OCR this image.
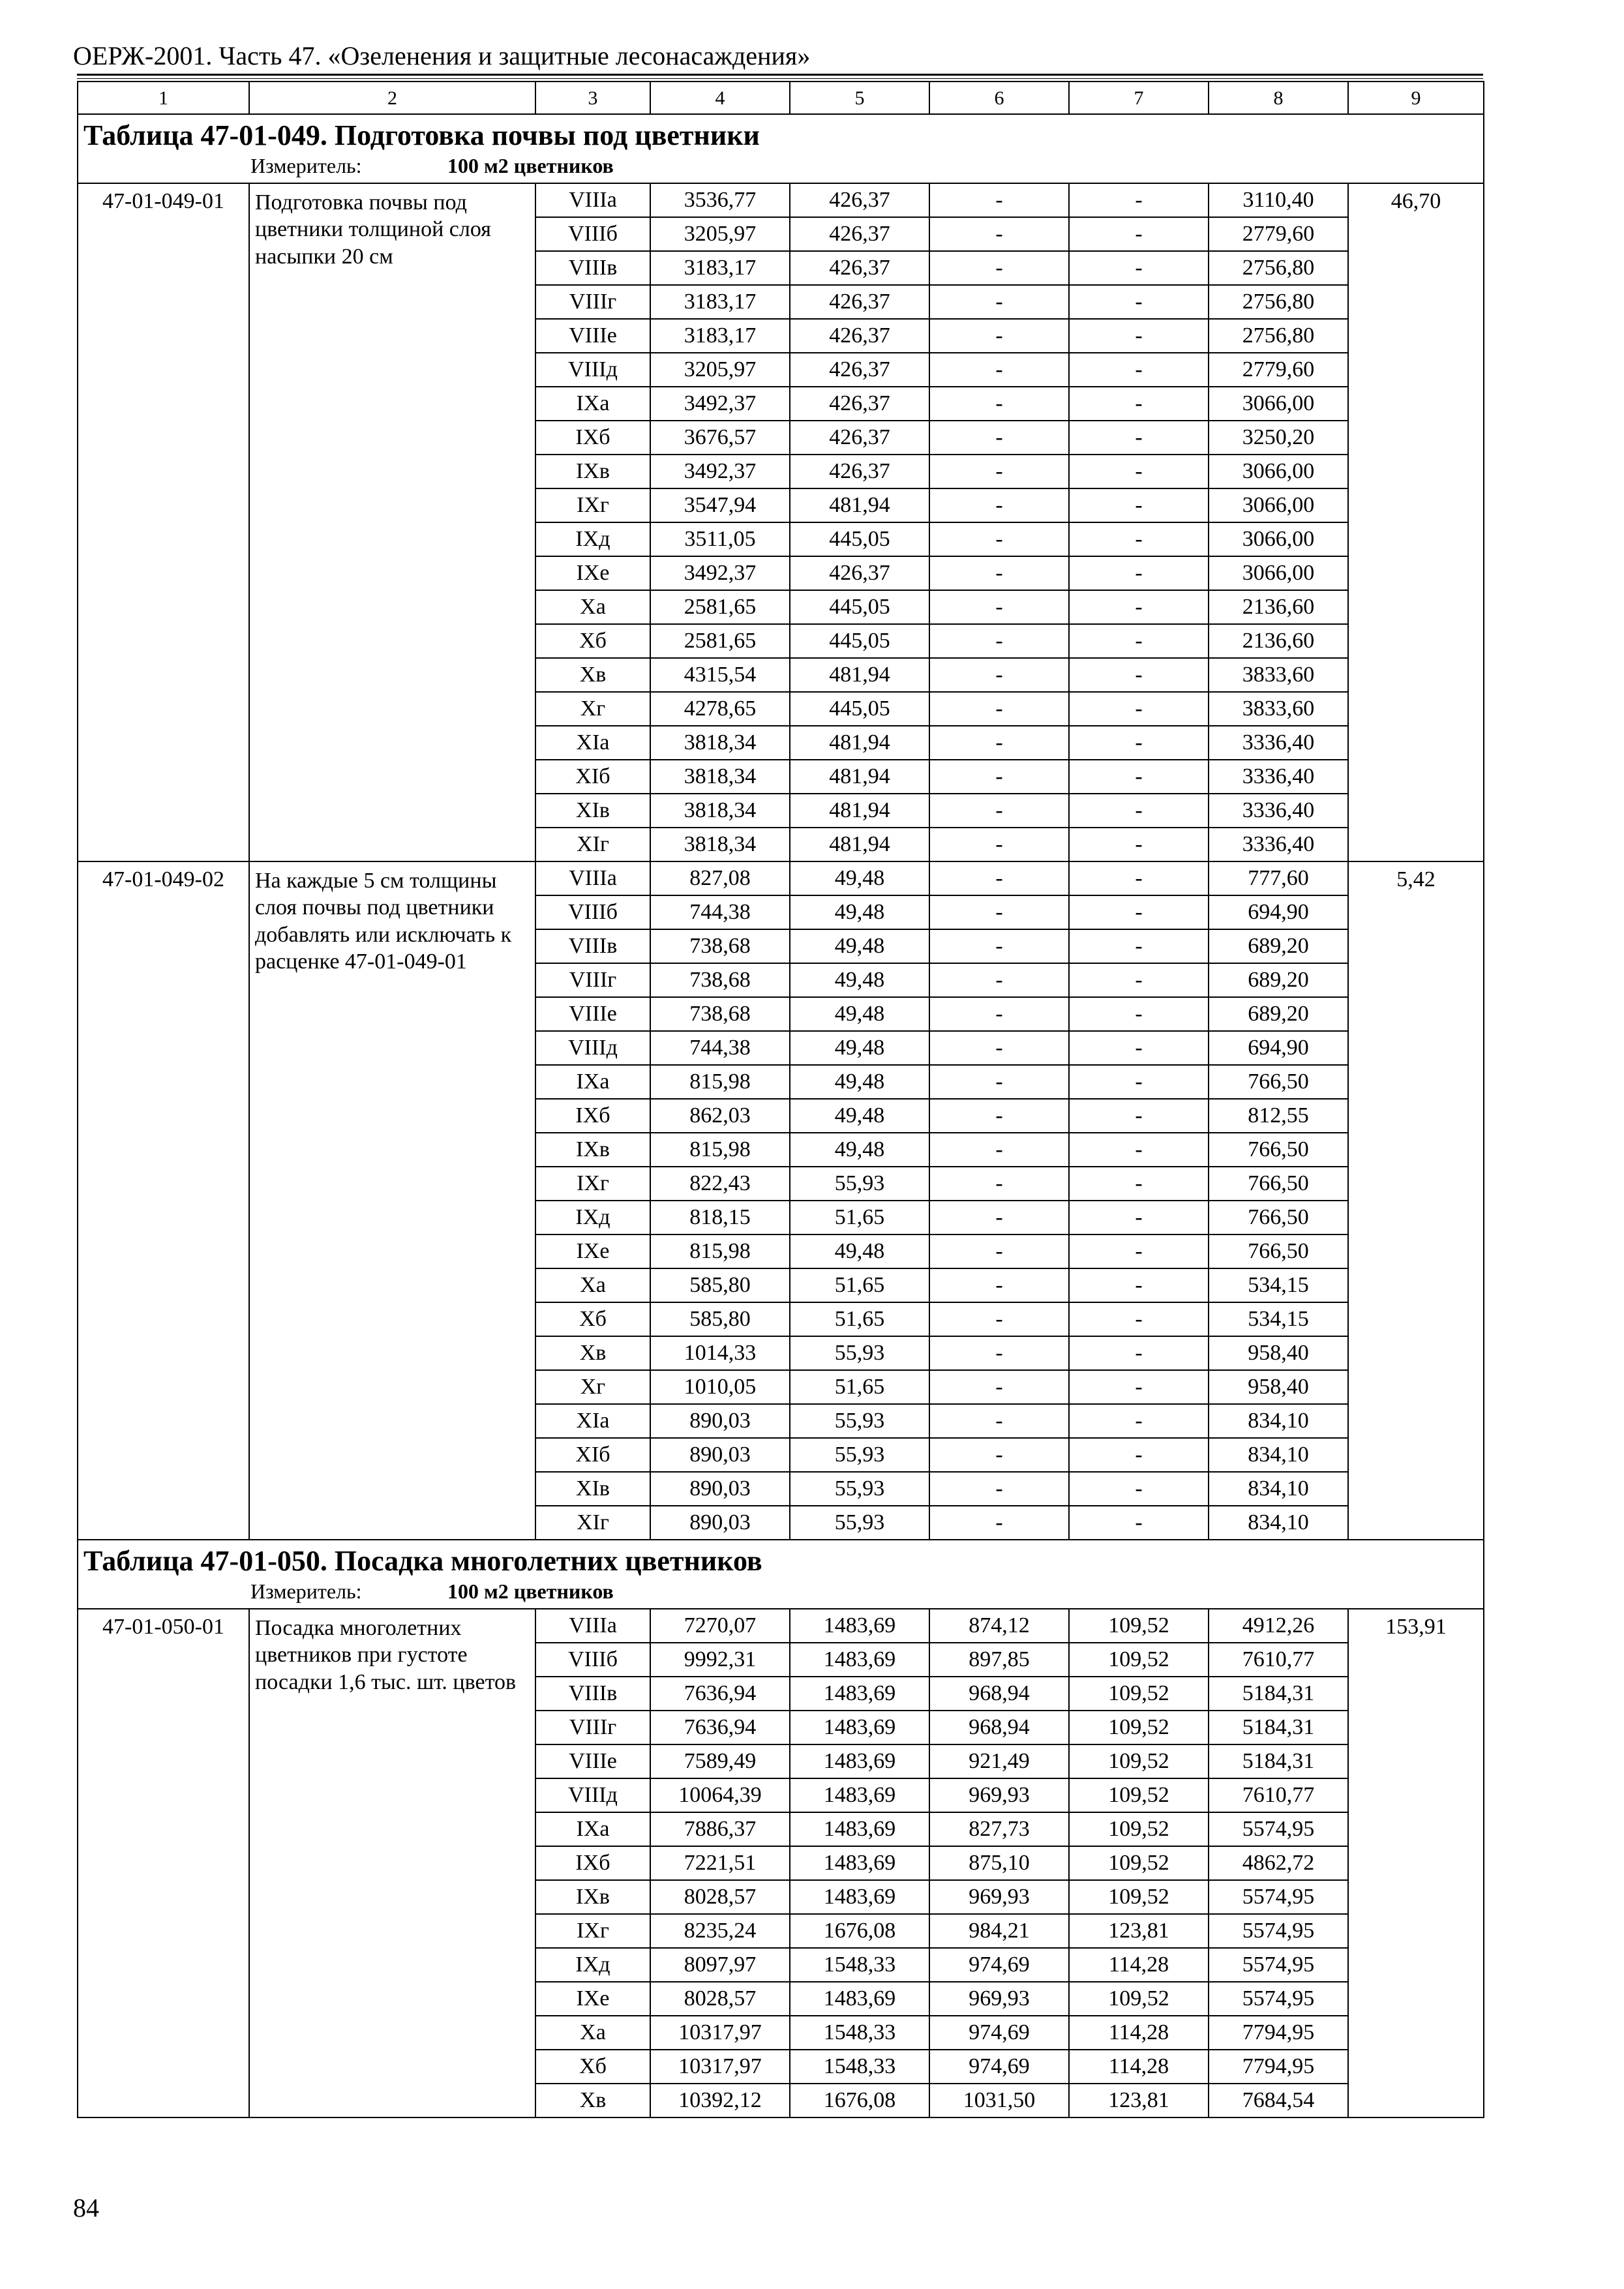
ОЕРЖ-2001. Часть 47. «Озеленения и защитные лесонасаждения»
1	2	3	4	5	6	7	8	9
Таблица 47-01-049. Подготовка почвы под цветники								
Измеритель: 100 м2 цветников								
47-01-049-01	Подготовка почвы под цветники толщиной слоя насыпки 20 см	VIIIа	3536,77	426,37	-	-	3110,40	46,70
		VIIIб	3205,97	426,37	-	-	2779,60	
		VIIIв	3183,17	426,37	-	-	2756,80	
		VIIIг	3183,17	426,37	-	-	2756,80	
		VIIIе	3183,17	426,37	-	-	2756,80	
		VIIIд	3205,97	426,37	-	-	2779,60	
		IXа	3492,37	426,37	-	-	3066,00	
		IXб	3676,57	426,37	-	-	3250,20	
		IXв	3492,37	426,37	-	-	3066,00	
		IXг	3547,94	481,94	-	-	3066,00	
		IXд	3511,05	445,05	-	-	3066,00	
		IXе	3492,37	426,37	-	-	3066,00	
		Xа	2581,65	445,05	-	-	2136,60	
		Xб	2581,65	445,05	-	-	2136,60	
		Xв	4315,54	481,94	-	-	3833,60	
		Xг	4278,65	445,05	-	-	3833,60	
		XIа	3818,34	481,94	-	-	3336,40	
		XIб	3818,34	481,94	-	-	3336,40	
		XIв	3818,34	481,94	-	-	3336,40	
		XIг	3818,34	481,94	-	-	3336,40	
47-01-049-02	На каждые 5 см толщины слоя почвы под цветники добавлять или исключать к расценке 47-01-049-01	VIIIа	827,08	49,48	-	-	777,60	5,42
		VIIIб	744,38	49,48	-	-	694,90	
		VIIIв	738,68	49,48	-	-	689,20	
		VIIIг	738,68	49,48	-	-	689,20	
		VIIIе	738,68	49,48	-	-	689,20	
		VIIIд	744,38	49,48	-	-	694,90	
		IXа	815,98	49,48	-	-	766,50	
		IXб	862,03	49,48	-	-	812,55	
		IXв	815,98	49,48	-	-	766,50	
		IXг	822,43	55,93	-	-	766,50	
		IXд	818,15	51,65	-	-	766,50	
		IXе	815,98	49,48	-	-	766,50	
		Xа	585,80	51,65	-	-	534,15	
		Xб	585,80	51,65	-	-	534,15	
		Xв	1014,33	55,93	-	-	958,40	
		Xг	1010,05	51,65	-	-	958,40	
		XIа	890,03	55,93	-	-	834,10	
		XIб	890,03	55,93	-	-	834,10	
		XIв	890,03	55,93	-	-	834,10	
		XIг	890,03	55,93	-	-	834,10	
Таблица 47-01-050. Посадка многолетних цветников								
Измеритель: 100 м2 цветников								
47-01-050-01	Посадка многолетних цветников при густоте посадки 1,6 тыс. шт. цветов	VIIIа	7270,07	1483,69	874,12	109,52	4912,26	153,91
		VIIIб	9992,31	1483,69	897,85	109,52	7610,77	
		VIIIв	7636,94	1483,69	968,94	109,52	5184,31	
		VIIIг	7636,94	1483,69	968,94	109,52	5184,31	
		VIIIе	7589,49	1483,69	921,49	109,52	5184,31	
		VIIIд	10064,39	1483,69	969,93	109,52	7610,77	
		IXа	7886,37	1483,69	827,73	109,52	5574,95	
		IXб	7221,51	1483,69	875,10	109,52	4862,72	
		IXв	8028,57	1483,69	969,93	109,52	5574,95	
		IXг	8235,24	1676,08	984,21	123,81	5574,95	
		IXд	8097,97	1548,33	974,69	114,28	5574,95	
		IXе	8028,57	1483,69	969,93	109,52	5574,95	
		Xа	10317,97	1548,33	974,69	114,28	7794,95	
		Xб	10317,97	1548,33	974,69	114,28	7794,95	
		Xв	10392,12	1676,08	1031,50	123,81	7684,54	
84
